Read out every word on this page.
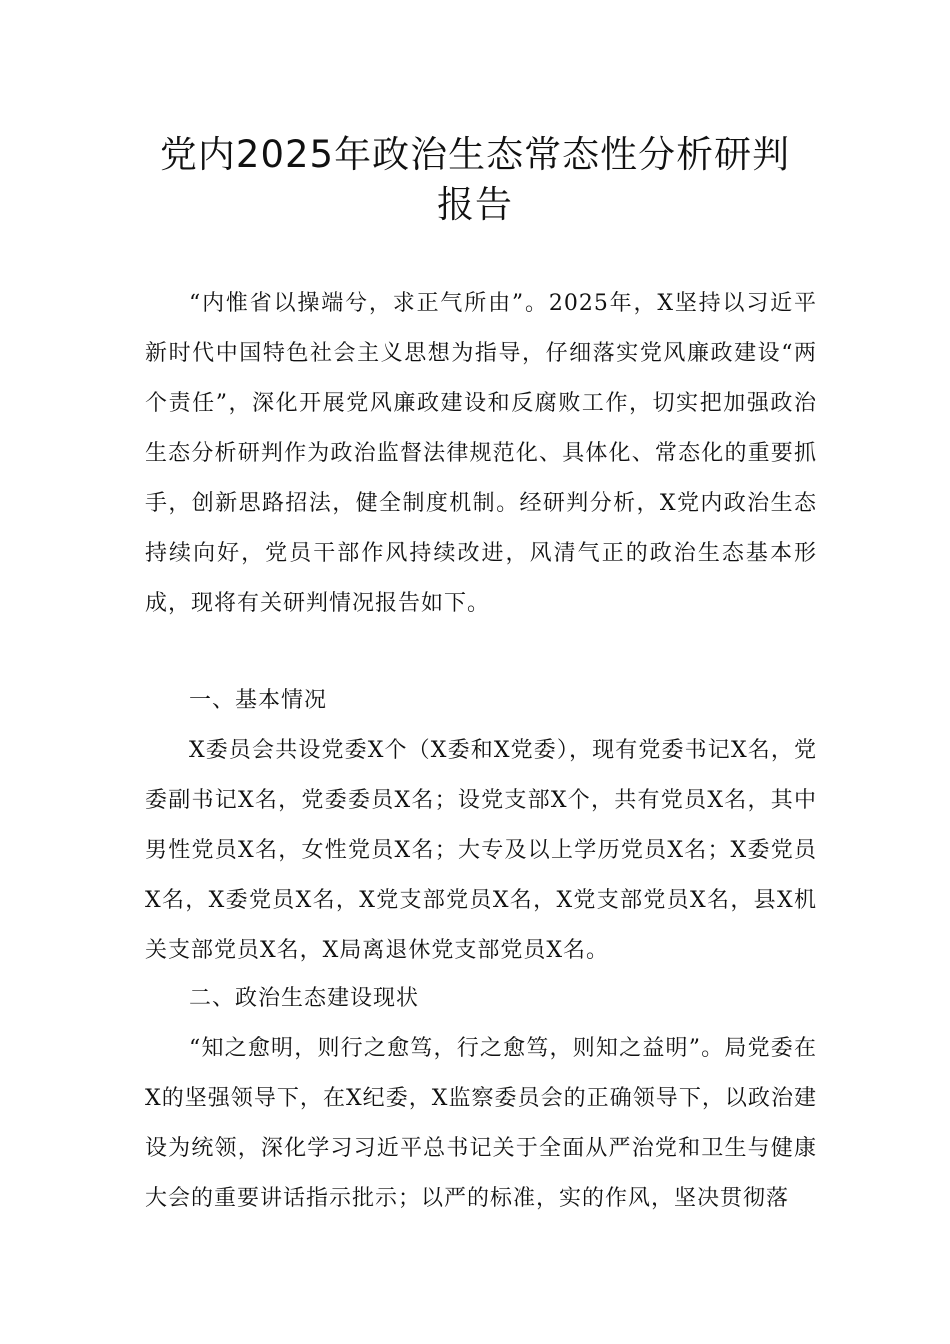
党内2025年政治生态常态性分析研判
报告

“内惟省以操端兮，求正气所由”。2025年，X坚持以习近平新时代中国特色社会主义思想为指导，仔细落实党风廉政建设“两个责任”，深化开展党风廉政建设和反腐败工作，切实把加强政治生态分析研判作为政治监督法律规范化、具体化、常态化的重要抓手，创新思路招法，健全制度机制。经研判分析，X党内政治生态持续向好，党员干部作风持续改进，风清气正的政治生态基本形成，现将有关研判情况报告如下。

一、基本情况

X委员会共设党委X个（X委和X党委），现有党委书记X名，党委副书记X名，党委委员X名；设党支部X个，共有党员X名，其中男性党员X名，女性党员X名；大专及以上学历党员X名；X委党员X名，X委党员X名，X党支部党员X名，X党支部党员X名，县X机关支部党员X名，X局离退休党支部党员X名。

二、政治生态建设现状

“知之愈明，则行之愈笃，行之愈笃，则知之益明”。局党委在X的坚强领导下，在X纪委，X监察委员会的正确领导下，以政治建设为统领，深化学习习近平总书记关于全面从严治党和卫生与健康大会的重要讲话指示批示；以严的标准，实的作风，坚决贯彻落
